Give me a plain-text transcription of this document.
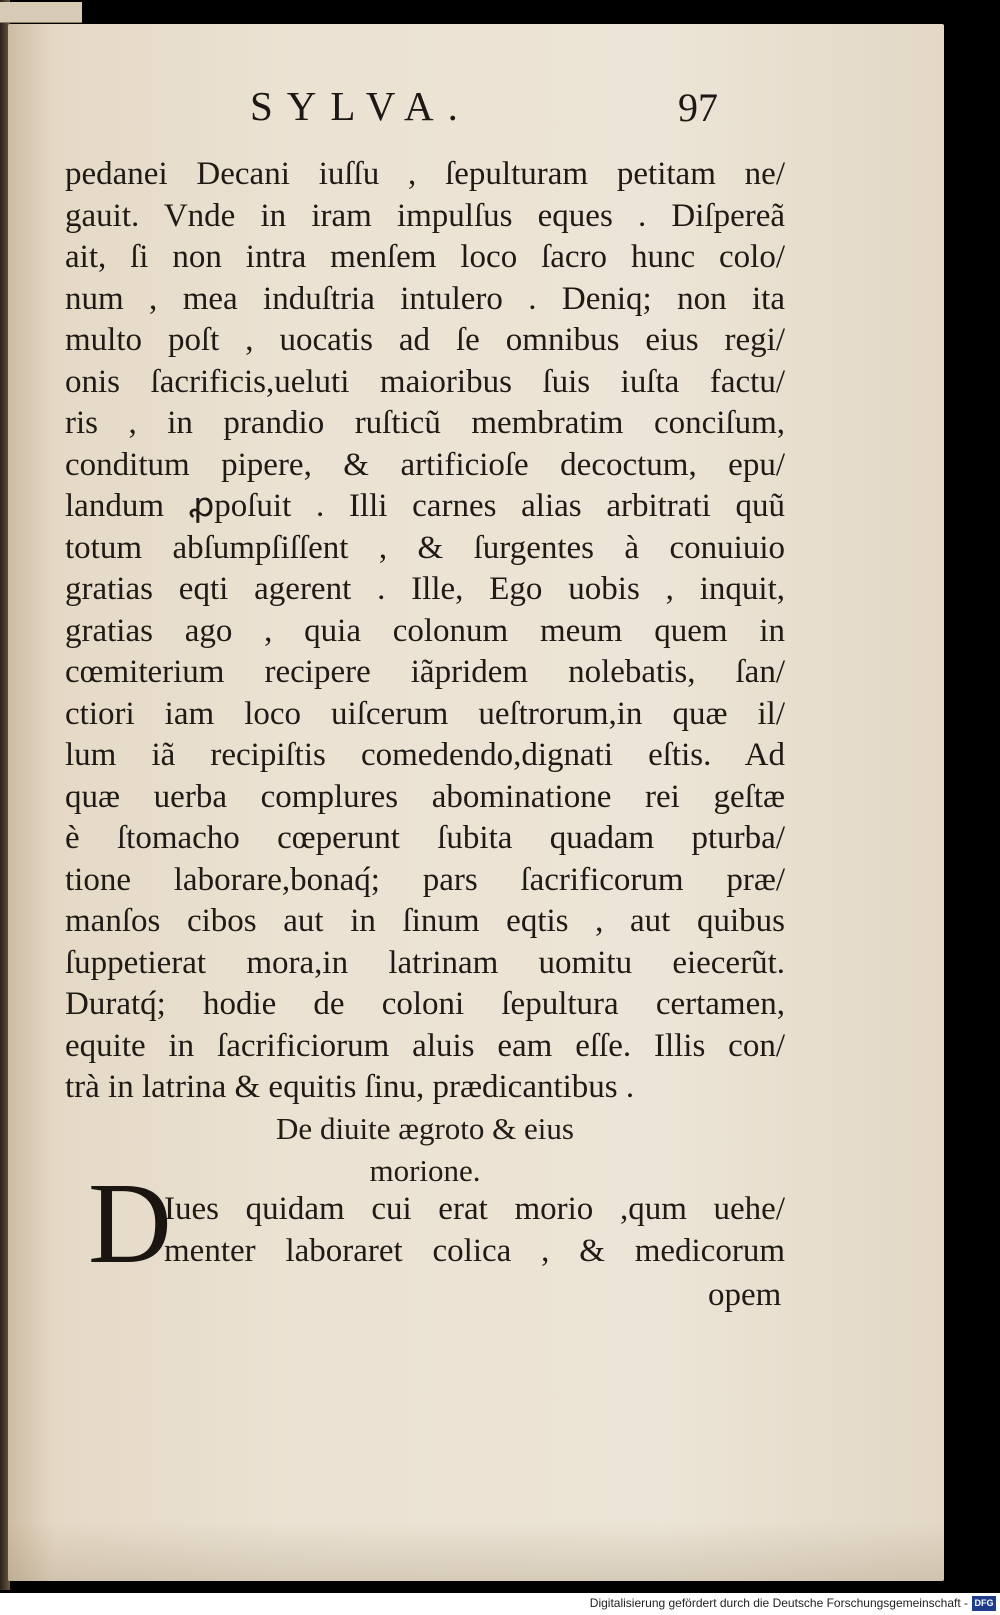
SYLVA.	97
pedanei Decani iuſſu , ſepulturam petitam ne/
gauit. Vnde in iram impulſus eques . Diſpereã
ait, ſi non intra menſem loco ſacro hunc colo/
num , mea induſtria intulero . Deniq; non ita
multo poſt , uocatis ad ſe omnibus eius regi/
onis ſacrificis,ueluti maioribus ſuis iuſta factu/
ris , in prandio ruſticũ membratim conciſum,
conditum pipere, & artificioſe decoctum, epu/
landum ꝓpoſuit . Illi carnes alias arbitrati quũ
totum abſumpſiſſent , & ſurgentes à conuiuio
gratias eqti agerent . Ille, Ego uobis , inquit,
gratias ago , quia colonum meum quem in
cœmiterium recipere iãpridem nolebatis, ſan/
ctiori iam loco uiſcerum ueſtrorum,in quæ il/
lum iã recipiſtis comedendo,dignati eſtis. Ad
quæ uerba complures abominatione rei geſtæ
è ſtomacho cœperunt ſubita quadam pturba/
tione laborare,bonaq́; pars ſacrificorum præ/
manſos cibos aut in ſinum eqtis , aut quibus
ſuppetierat mora,in latrinam uomitu eiecerũt.
Duratq́; hodie de coloni ſepultura certamen,
equite in ſacrificiorum aluis eam eſſe. Illis con/
trà in latrina & equitis ſinu, prædicantibus .
De diuite ægroto & eius
morione.
D
Iues quidam cui erat morio ,qum uehe/
menter laboraret colica , & medicorum
opem
Digitalisierung gefördert durch die Deutsche Forschungsgemeinschaft - DFG
